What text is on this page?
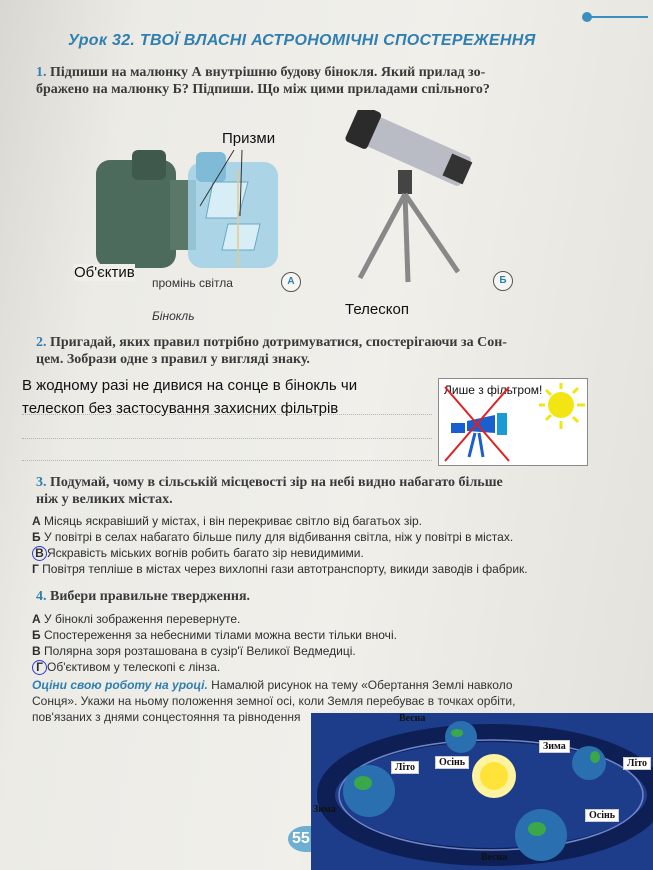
Урок 32. ТВОЇ ВЛАСНІ АСТРОНОМІЧНІ СПОСТЕРЕЖЕННЯ
1. Підпиши на малюнку А внутрішню будову бінокля. Який прилад зо-
бражено на малюнку Б? Підпиши. Що між цими приладами спільного?
Призми
Об'єктив
промінь світла
Бінокль
А	Б
Телескоп
2. Пригадай, яких правил потрібно дотримуватися, спостерігаючи за Сон-
цем. Зобрази одне з правил у вигляді знаку.
В жодному разі не дивися на сонце в бінокль чи
телескоп без застосування захисних фільтрів
Лише з фільтром!
3. Подумай, чому в сільській місцевості зір на небі видно набагато більше
ніж у великих містах.
А Місяць яскравіший у містах, і він перекриває світло від багатьох зір.
Б У повітрі в селах набагато більше пилу для відбивання світла, ніж у повітрі в містах.
В Яскравість міських вогнів робить багато зір невидимими.
Г Повітря тепліше в містах через вихлопні гази автотранспорту, викиди заводів і фабрик.
4. Вибери правильне твердження.
А У біноклі зображення перевернуте.
Б Спостереження за небесними тілами можна вести тільки вночі.
В Полярна зоря розташована в сузір'ї Великої Ведмедиці.
Г Об'єктивом у телескопі є лінза.
Оціни свою роботу на уроці. Намалюй рисунок на тему «Обертання Землі навколо
Сонця». Укажи на ньому положення земної осі, коли Земля перебуває в точках орбіти,
пов'язаних з днями сонцестояння та рівнодення
55
Весна
Зима
Літо	Осінь	Літо
Зима
Осінь
Весна
